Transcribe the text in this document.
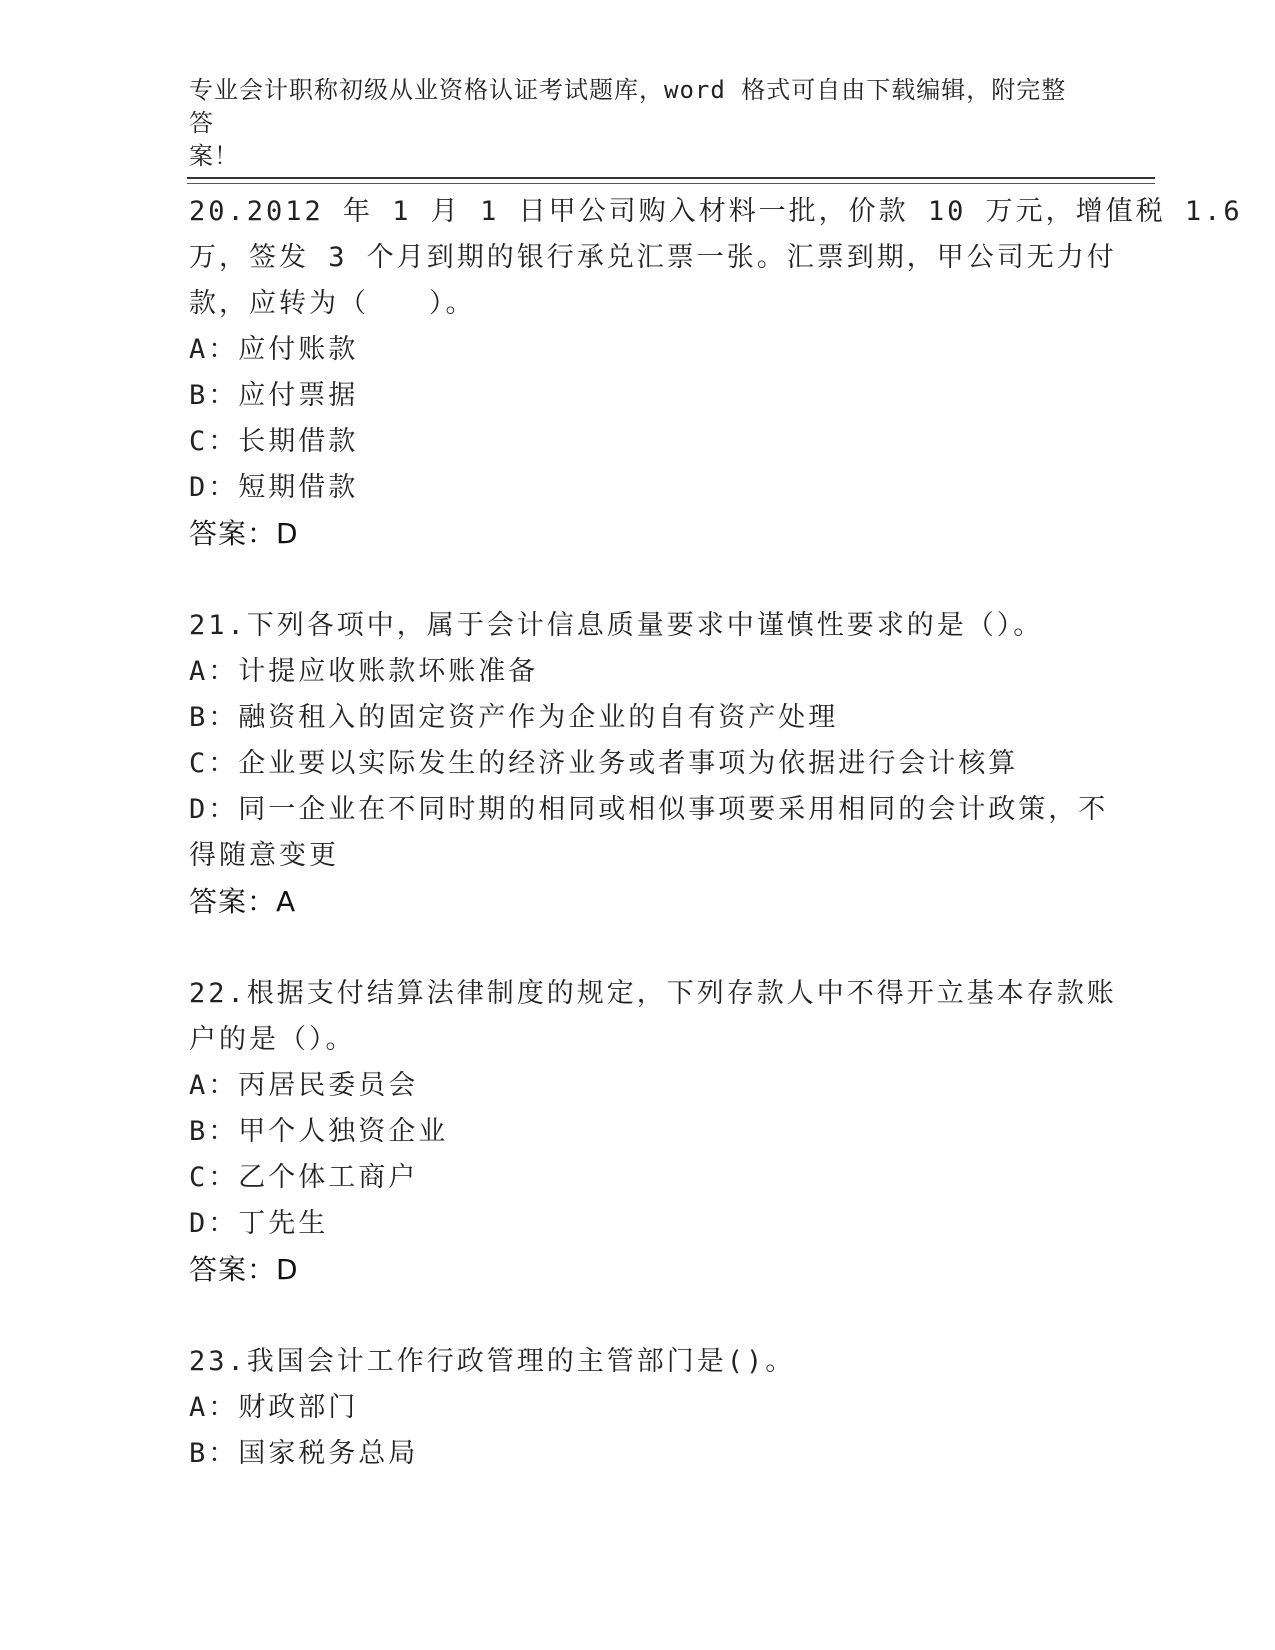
专业会计职称初级从业资格认证考试题库，word 格式可自由下载编辑，附完整答
案！
20.2012 年 1 月 1 日甲公司购入材料一批，价款 10 万元，增值税 1.6
万，签发 3 个月到期的银行承兑汇票一张。汇票到期，甲公司无力付
款，应转为（　　）。
A：应付账款
B：应付票据
C：长期借款
D：短期借款
答案：D
21.下列各项中，属于会计信息质量要求中谨慎性要求的是（）。
A：计提应收账款坏账准备
B：融资租入的固定资产作为企业的自有资产处理
C：企业要以实际发生的经济业务或者事项为依据进行会计核算
D：同一企业在不同时期的相同或相似事项要采用相同的会计政策，不
得随意变更
答案：A
22.根据支付结算法律制度的规定，下列存款人中不得开立基本存款账
户的是（）。
A：丙居民委员会
B：甲个人独资企业
C：乙个体工商户
D：丁先生
答案：D
23.我国会计工作行政管理的主管部门是()。
A：财政部门
B：国家税务总局
